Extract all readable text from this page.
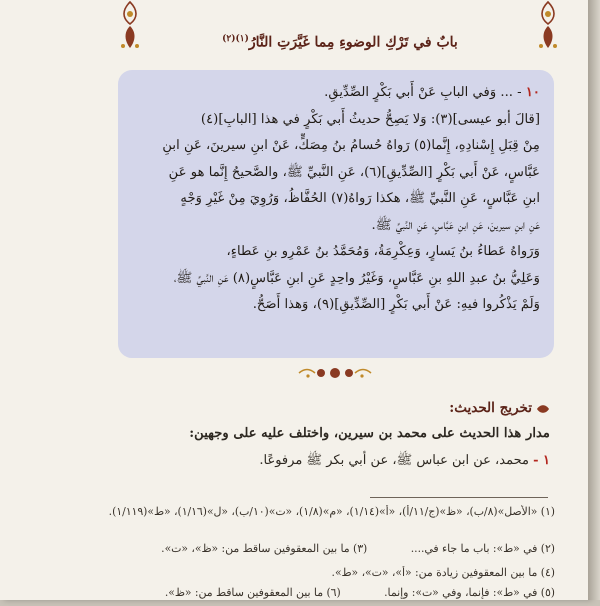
بابٌ في تَرْكِ الوضوءِ مِما غَيَّرَتِ النَّارُ$^{(١)(٢)}$
١٠ - ... وَفي البابِ عَنْ أَبي بَكْرٍ الصِّدِّيقِ.
[قالَ أبو عيسى](٣): وَلا يَصِحُّ حديثُ أَبي بَكْرٍ في هذا [البابِ](٤)
مِنْ قِبَلِ إِسْنادِهِ، إِنَّما(٥) رَواهُ حُسامُ بنُ مِصَكٍّ، عَنْ ابنِ سيرينَ، عَنِ ابنِ
عَبَّاسٍ، عَنْ أَبي بَكْرٍ [الصِّدِّيقِ](٦)، عَنِ النَّبيِّ ﷺ، والصَّحيحُ إِنَّما هو عَنِ
ابنِ عَبَّاسٍ، عَنِ النَّبيِّ ﷺ، هكذا رَواهُ(٧) الحُفَّاظُ، وَرُوِيَ مِنْ غَيْرِ وَجْهٍ
عَنِ ابنِ سيرينَ، عَنِ ابنِ عَبَّاسٍ، عَنِ النَّبيِّ ﷺ.
وَرَواهُ عَطاءُ بنُ يَسارٍ، وَعِكْرِمَةُ، وَمُحَمَّدُ بنُ عَمْرِو بنِ عَطاءٍ،
وَعَلِيُّ بنُ عبدِ اللهِ بنِ عَبَّاسٍ، وَغَيْرُ واحِدٍ عَنِ ابنِ عَبَّاسٍ(٨) عَنِ النَّبيِّ ﷺ،
وَلَمْ يَذْكُروا فيهِ: عَنْ أَبي بَكْرٍ [الصِّدِّيقِ](٩)، وَهذا أَصَحُّ.
تخريج الحديث:
مدار هذا الحديث على محمد بن سيرين، واختلف عليه على وجهين:
١ - محمد، عن ابن عباس ﷺ، عن أبي بكر ﷺ مرفوعًا.
(١) «الأصل»(٨/ب)، «ظ»(ج/١١/أ)، «أ»(١/١٤)، «م»(١/٨)، «ت»(١٠/ب)، «ل»(١/١٦)، «ط»(١/١١٩).
(٢) في «ط»: باب ما جاء في.... (٣) ما بين المعقوفين ساقط من: «ظ»، «ت».
(٤) ما بين المعقوفين زيادة من: «أ»، «ت»، «ط».
(٥) في «ط»: فإنما، وفي «ت»: وإنما. (٦) ما بين المعقوفين ساقط من: «ظ».
